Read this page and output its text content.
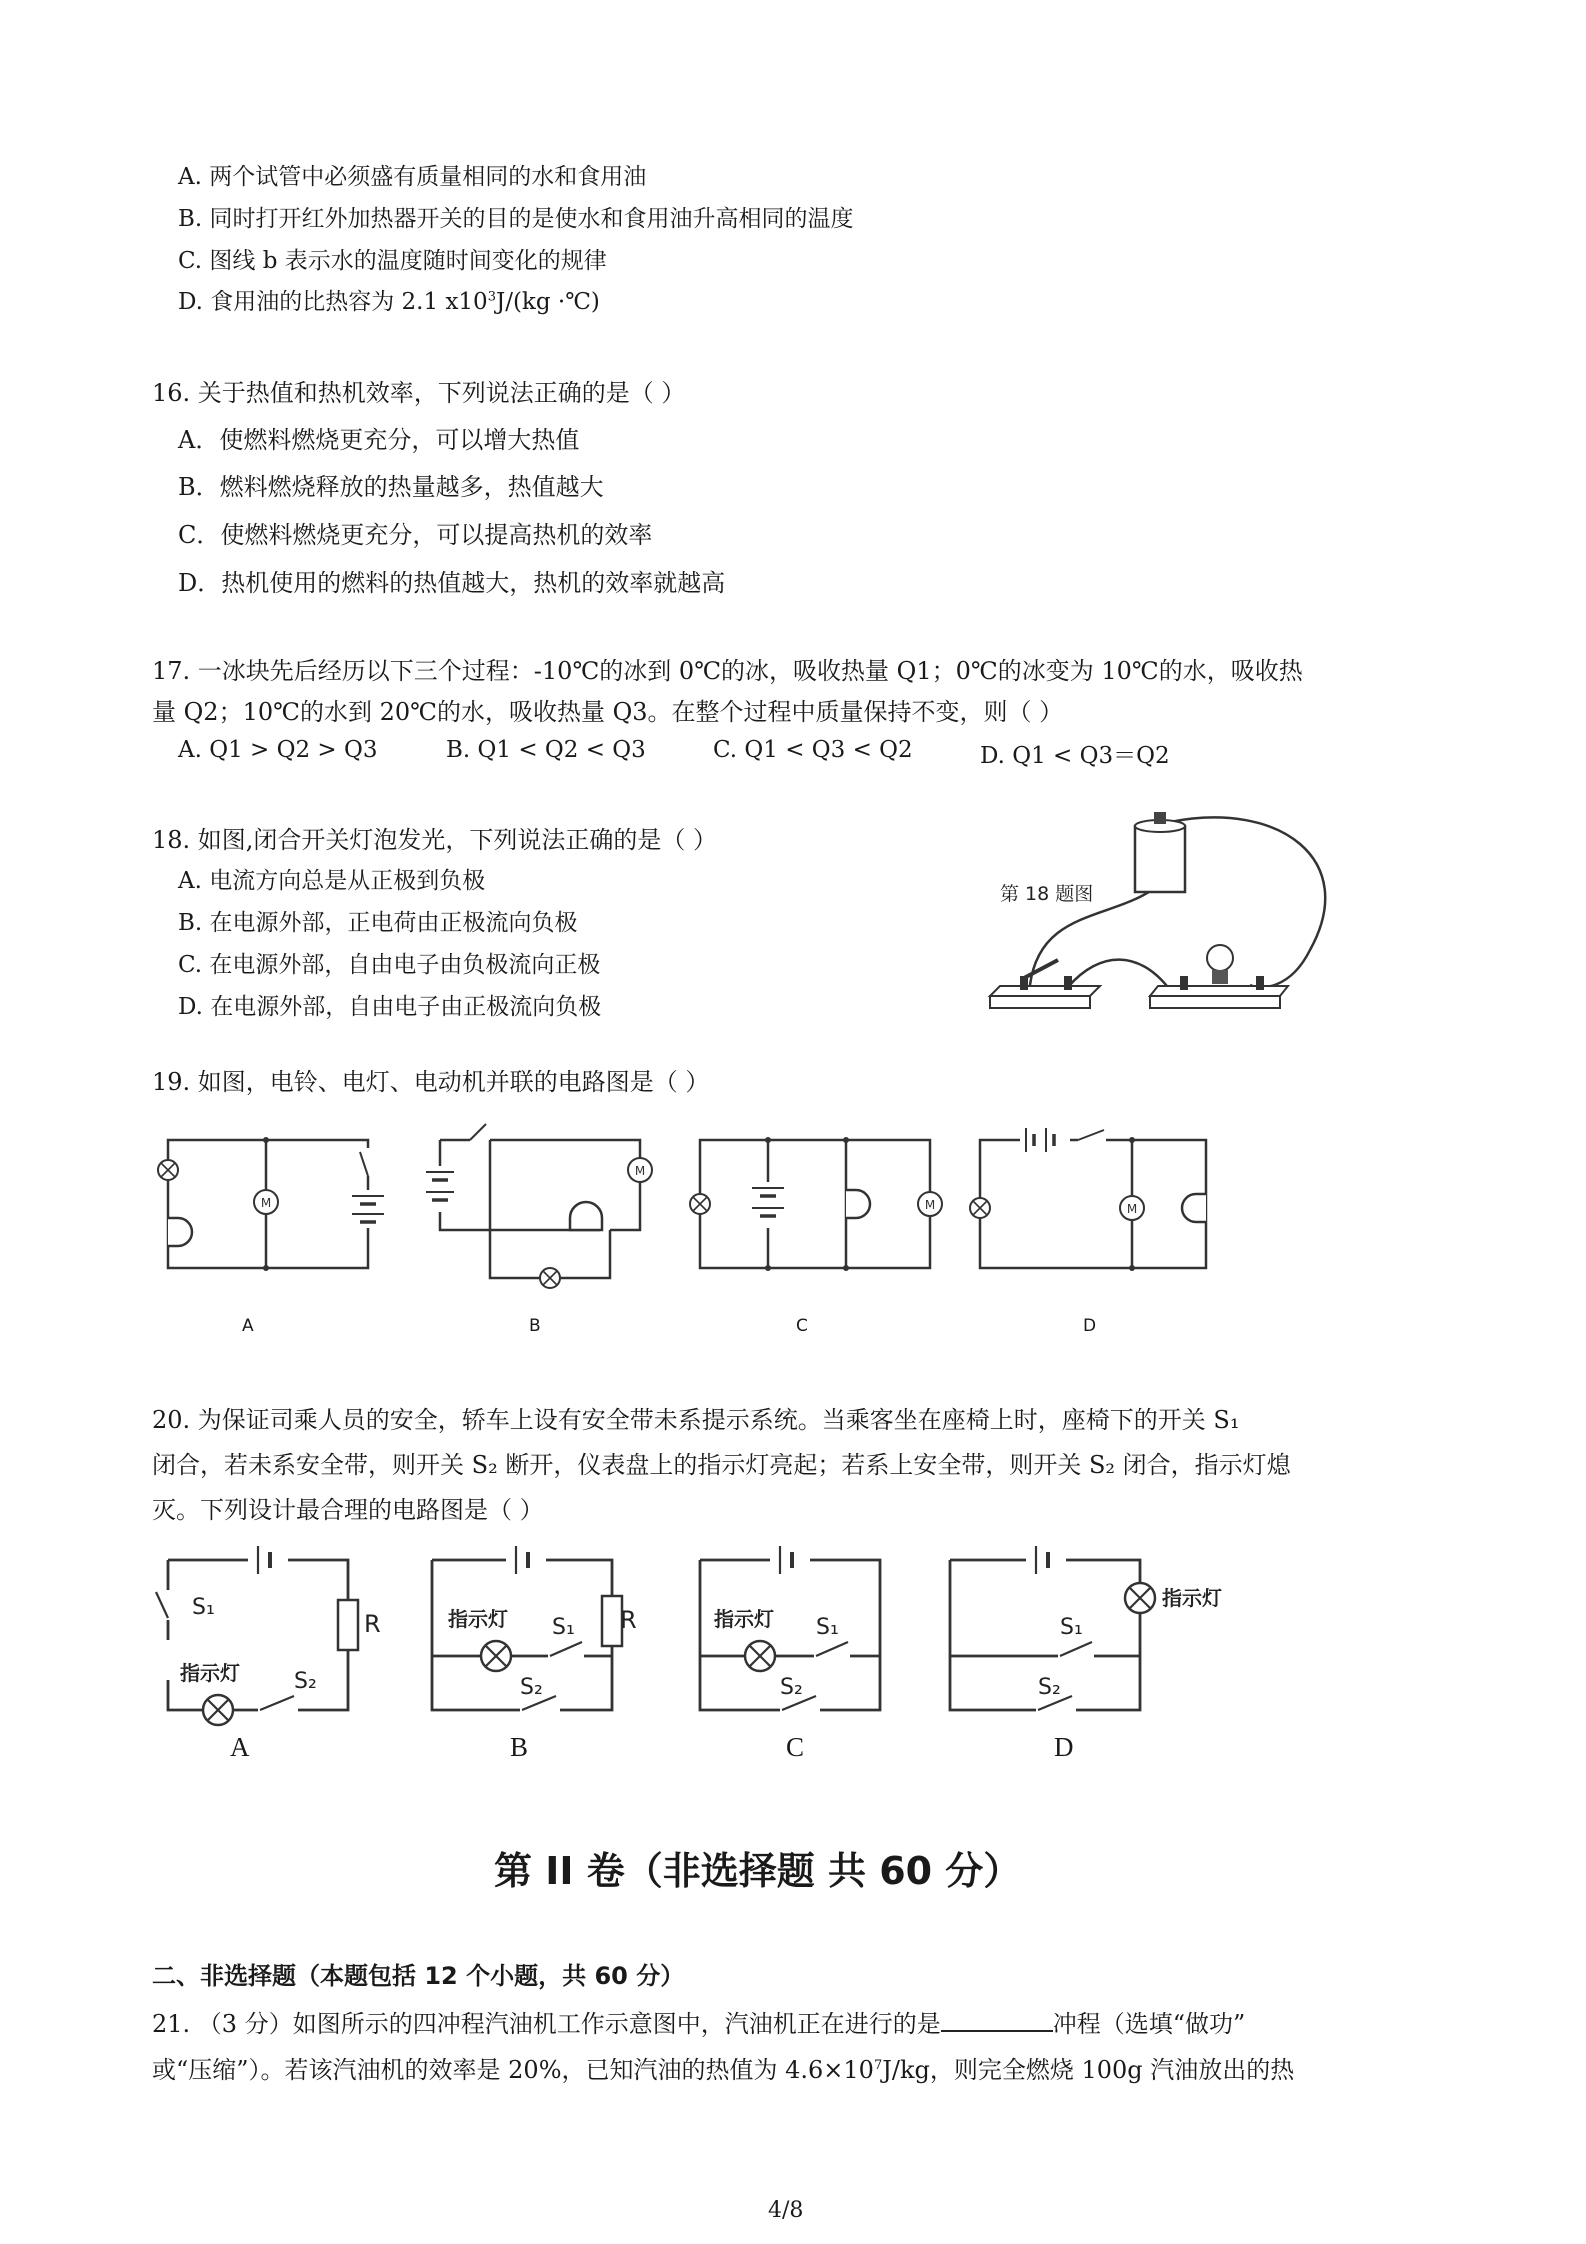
A. 两个试管中必须盛有质量相同的水和食用油
B. 同时打开红外加热器开关的目的是使水和食用油升高相同的温度
C. 图线 b 表示水的温度随时间变化的规律
D. 食用油的比热容为 2.1 $x10^3J/(kg$ ·℃)
16. 关于热值和热机效率，下列说法正确的是（ ）
A．使燃料燃烧更充分，可以增大热值
B．燃料燃烧释放的热量越多，热值越大
C．使燃料燃烧更充分，可以提高热机的效率
D．热机使用的燃料的热值越大，热机的效率就越高
17. 一冰块先后经历以下三个过程：-10℃的冰到 0℃的冰，吸收热量 Q1；0℃的冰变为 10℃的水，吸收热
量 Q2；10℃的水到 20℃的水，吸收热量 Q3。在整个过程中质量保持不变，则（ ）
A. Q1 > Q2 > Q3	B. Q1 < Q2 < Q3	C. Q1 < Q3 < Q2	D. Q1 < Q3＝Q2
18. 如图,闭合开关灯泡发光，下列说法正确的是（ ）
A. 电流方向总是从正极到负极
B. 在电源外部，正电荷由正极流向负极
C. 在电源外部，自由电子由负极流向正极
D. 在电源外部，自由电子由正极流向负极
第 18 题图
19. 如图，电铃、电灯、电动机并联的电路图是（ ）
M
A
M
B
M
C
M
D
20. 为保证司乘人员的安全，轿车上设有安全带未系提示系统。当乘客坐在座椅上时，座椅下的开关 S₁
闭合，若未系安全带，则开关 S₂ 断开，仪表盘上的指示灯亮起；若系上安全带，则开关 S₂ 闭合，指示灯熄
灭。下列设计最合理的电路图是（ ）
S₁
R
指示灯 S₂
A
指示灯 S₁ R
S₂
B
指示灯 S₁
S₂
C
指示灯
S₁
S₂
D
第 II 卷（非选择题 共 60 分）
二、非选择题（本题包括 12 个小题，共 60 分）
21. （3 分）如图所示的四冲程汽油机工作示意图中，汽油机正在进行的是	冲程（选填“做功”
或“压缩”）。若该汽油机的效率是 20%，已知汽油的热值为 $4.6\times 10^7J/kg$，则完全燃烧 100g 汽油放出的热
4/8
